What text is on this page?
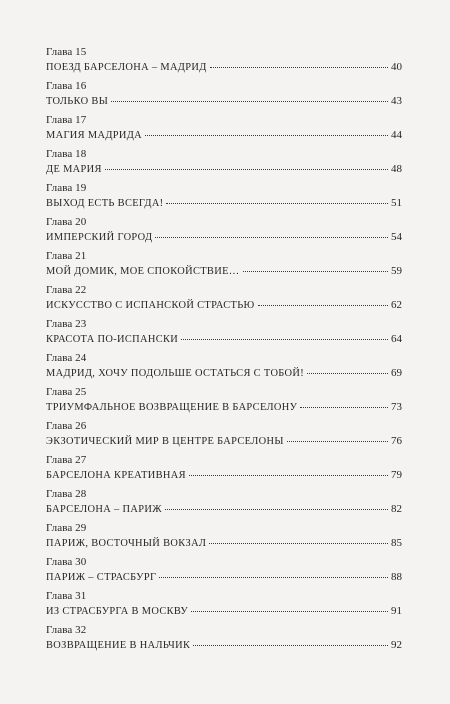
Глава 15
ПОЕЗД БАРСЕЛОНА – МАДРИД	40
Глава 16
ТОЛЬКО ВЫ	43
Глава 17
МАГИЯ МАДРИДА	44
Глава 18
ДЕ МАРИЯ	48
Глава 19
ВЫХОД ЕСТЬ ВСЕГДА!	51
Глава 20
ИМПЕРСКИЙ ГОРОД	54
Глава 21
МОЙ ДОМИК, МОЕ СПОКОЙСТВИЕ…	59
Глава 22
ИСКУССТВО С ИСПАНСКОЙ СТРАСТЬЮ	62
Глава 23
КРАСОТА ПО-ИСПАНСКИ	64
Глава 24
МАДРИД, ХОЧУ ПОДОЛЬШЕ ОСТАТЬСЯ С ТОБОЙ!	69
Глава 25
ТРИУМФАЛЬНОЕ ВОЗВРАЩЕНИЕ В БАРСЕЛОНУ	73
Глава 26
ЭКЗОТИЧЕСКИЙ МИР В ЦЕНТРЕ БАРСЕЛОНЫ	76
Глава 27
БАРСЕЛОНА КРЕАТИВНАЯ	79
Глава 28
БАРСЕЛОНА – ПАРИЖ	82
Глава 29
ПАРИЖ, ВОСТОЧНЫЙ ВОКЗАЛ	85
Глава 30
ПАРИЖ – СТРАСБУРГ	88
Глава 31
ИЗ СТРАСБУРГА В МОСКВУ	91
Глава 32
ВОЗВРАЩЕНИЕ В НАЛЬЧИК	92
